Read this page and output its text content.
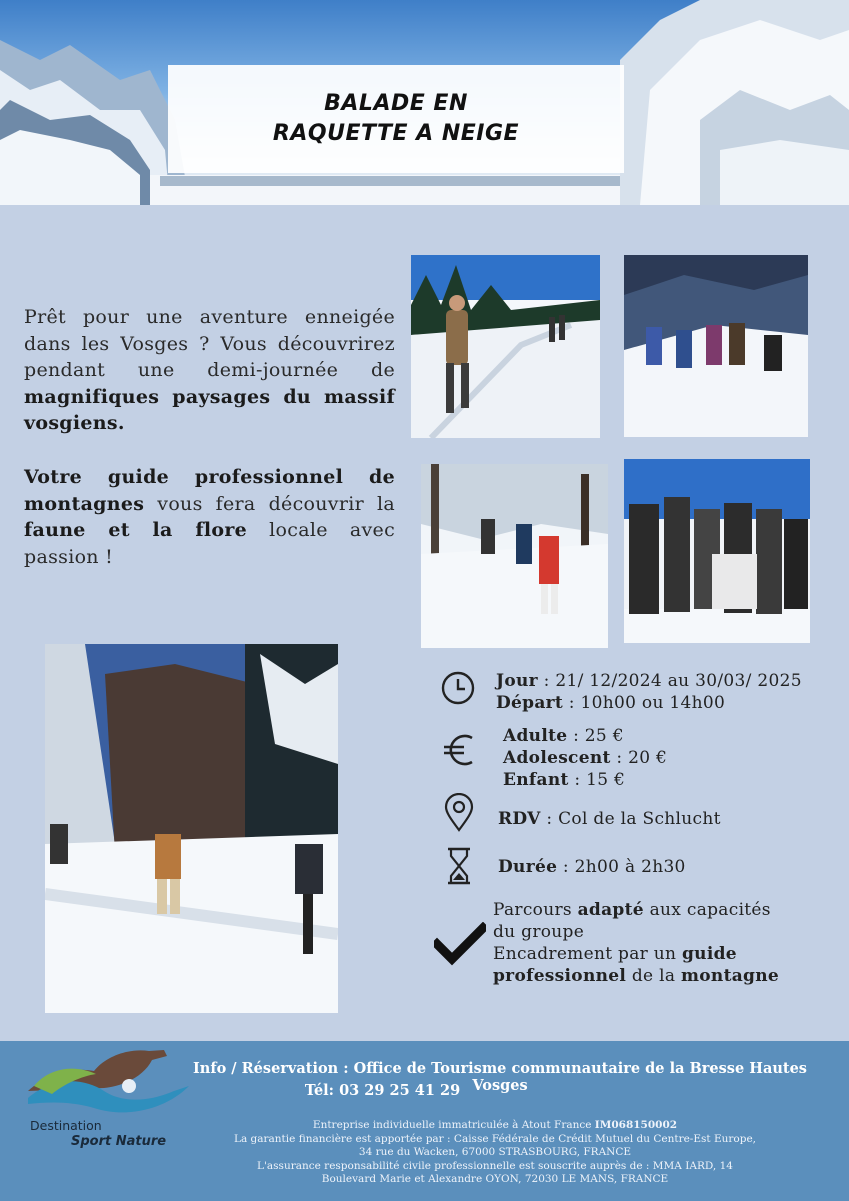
BALADE EN
RAQUETTE A NEIGE
Prêt pour une aventure enneigée dans les Vosges ? Vous découvrirez pendant une demi-journée de magnifiques paysages du massif vosgiens.
Votre guide professionnel de montagnes vous fera découvrir la faune et la flore locale avec passion !
Jour : 21/ 12/2024 au 30/03/ 2025
Départ : 10h00 ou 14h00
Adulte : 25 €
Adolescent : 20 €
Enfant : 15 €
RDV : Col de la Schlucht
Durée : 2h00 à 2h30
Parcours adapté aux capacités
du groupe
Encadrement par un guide
professionnel de la montagne
Destination
Sport Nature
Info / Réservation : Office de Tourisme communautaire de la Bresse Hautes Vosges
Tél: 03 29 25 41 29
Entreprise individuelle immatriculée à Atout France IM068150002
La garantie financière est apportée par : Caisse Fédérale de Crédit Mutuel du Centre-Est Europe,
34 rue du Wacken, 67000 STRASBOURG, FRANCE
L'assurance responsabilité civile professionnelle est souscrite auprès de : MMA IARD, 14
Boulevard Marie et Alexandre OYON, 72030 LE MANS, FRANCE
